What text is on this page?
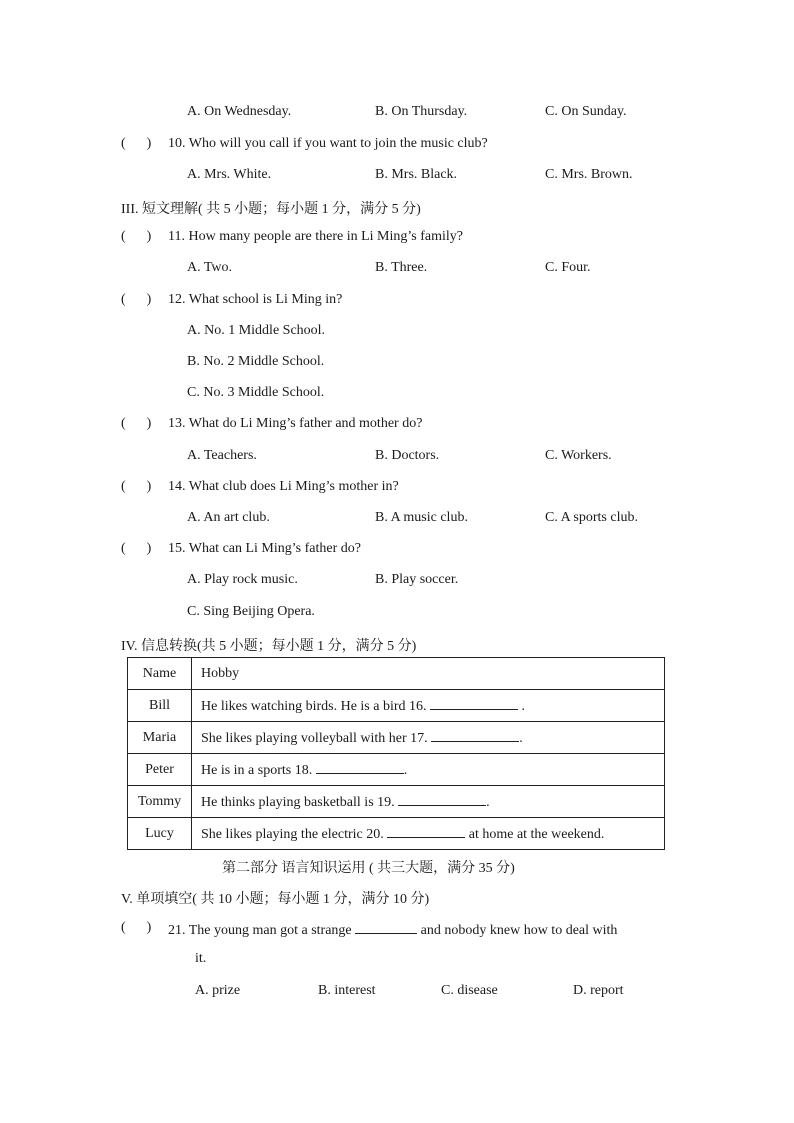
A. On Wednesday.	B. On Thursday.	C. On Sunday.
(      ) 10. Who will you call if you want to join the music club?
A. Mrs. White.	B. Mrs. Black.	C. Mrs. Brown.
III. 短文理解( 共 5 小题；每小题 1 分，满分 5 分)
(      ) 11. How many people are there in Li Ming’s family?
A. Two.	B. Three.	C. Four.
(      ) 12. What school is Li Ming in?
A. No. 1 Middle School.
B. No. 2 Middle School.
C. No. 3 Middle School.
(      ) 13. What do Li Ming’s father and mother do?
A. Teachers.	B. Doctors.	C. Workers.
(      ) 14. What club does Li Ming’s mother in?
A. An art club.	B. A music club.	C. A sports club.
(      ) 15. What can Li Ming’s father do?
A. Play rock music.	B. Play soccer.
C. Sing Beijing Opera.
IV. 信息转换(共 5 小题；每小题 1 分，满分 5 分)
Name	Hobby
Bill	He likes watching birds. He is a bird 16. .
Maria	She likes playing volleyball with her 17. .
Peter	He is in a sports 18. .
Tommy	He thinks playing basketball is 19. .
Lucy	She likes playing the electric 20. at home at the weekend.
第二部分 语言知识运用 ( 共三大题，满分 35 分)
V. 单项填空( 共 10 小题；每小题 1 分，满分 10 分)
(      ) 21. The young man got a strange	and nobody knew how to deal with
it.
A. prize	B. interest	C. disease	D. report
